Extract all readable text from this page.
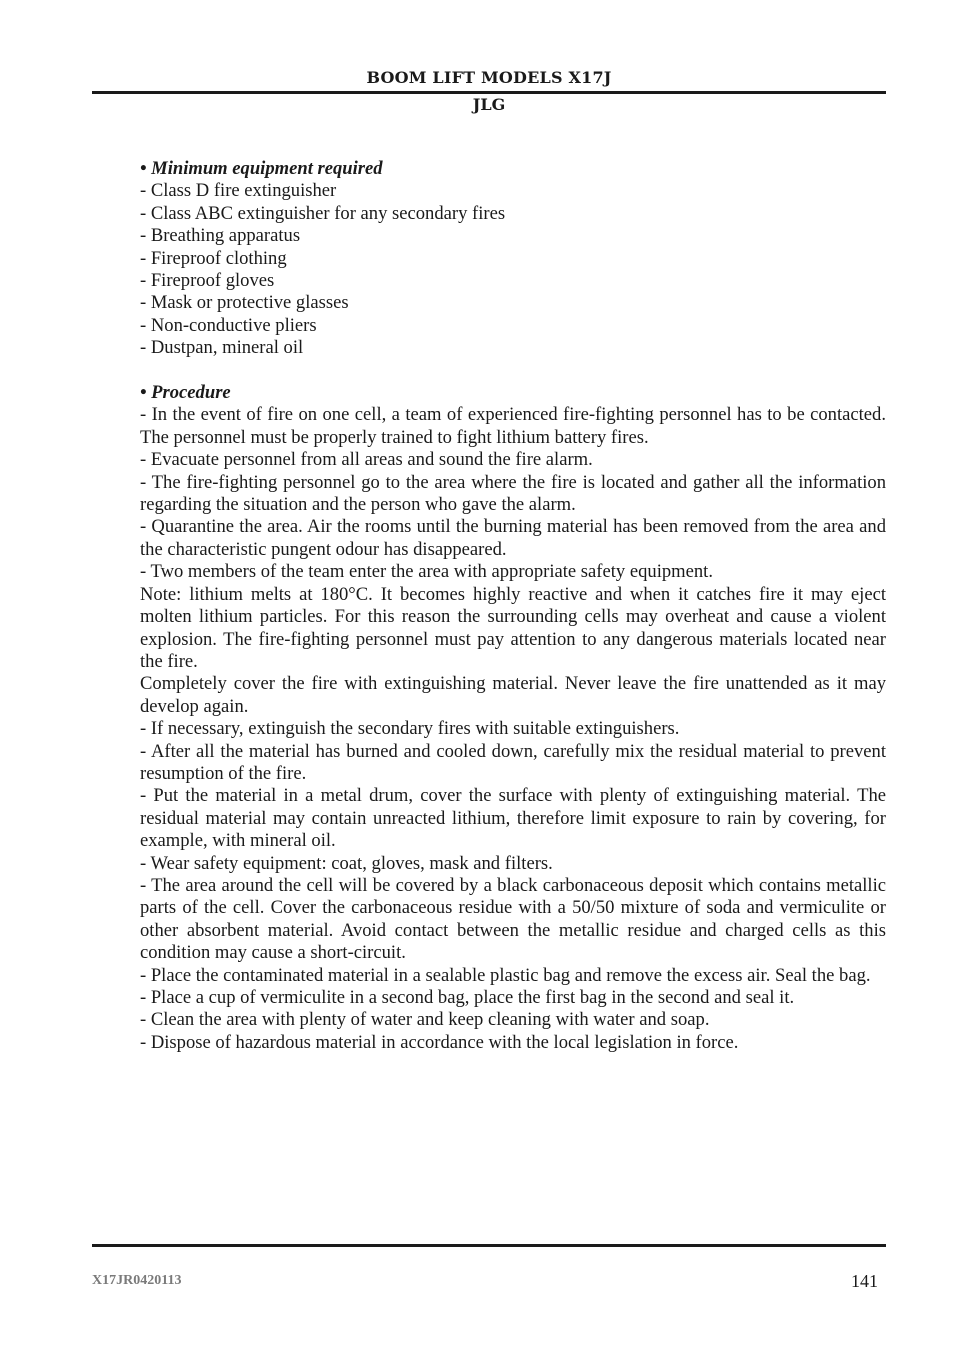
BOOM LIFT MODELS X17J
JLG
• Minimum equipment required
- Class D fire extinguisher
- Class ABC extinguisher for any secondary fires
- Breathing apparatus
- Fireproof clothing
- Fireproof gloves
- Mask or protective glasses
- Non-conductive pliers
- Dustpan, mineral oil
• Procedure
- In the event of fire on one cell, a team of experienced fire-fighting personnel has to be contacted. The personnel must be properly trained to fight lithium battery fires.
- Evacuate personnel from all areas and sound the fire alarm.
- The fire-fighting personnel go to the area where the fire is located and gather all the information regarding the situation and the person who gave the alarm.
- Quarantine the area. Air the rooms until the burning material has been removed from the area and the characteristic pungent odour has disappeared.
- Two members of the team enter the area with appropriate safety equipment.
Note: lithium melts at 180°C. It becomes highly reactive and when it catches fire it may eject molten lithium particles. For this reason the surrounding cells may overheat and cause a violent explosion. The fire-fighting personnel must pay attention to any dangerous materials located near the fire.
Completely cover the fire with extinguishing material. Never leave the fire unattended as it may develop again.
- If necessary, extinguish the secondary fires with suitable extinguishers.
- After all the material has burned and cooled down, carefully mix the residual material to prevent resumption of the fire.
- Put the material in a metal drum, cover the surface with plenty of extinguishing material. The residual material may contain unreacted lithium, therefore limit exposure to rain by covering, for example, with mineral oil.
- Wear safety equipment: coat, gloves, mask and filters.
- The area around the cell will be covered by a black carbonaceous deposit which contains metallic parts of the cell. Cover the carbonaceous residue with a 50/50 mixture of soda and vermiculite or other absorbent material. Avoid contact between the metallic residue and charged cells as this condition may cause a short-circuit.
- Place the contaminated material in a sealable plastic bag and remove the excess air. Seal the bag.
- Place a cup of vermiculite in a second bag, place the first bag in the second and seal it.
- Clean the area with plenty of water and keep cleaning with water and soap.
- Dispose of hazardous material in accordance with the local legislation in force.
X17JR0420113	141
